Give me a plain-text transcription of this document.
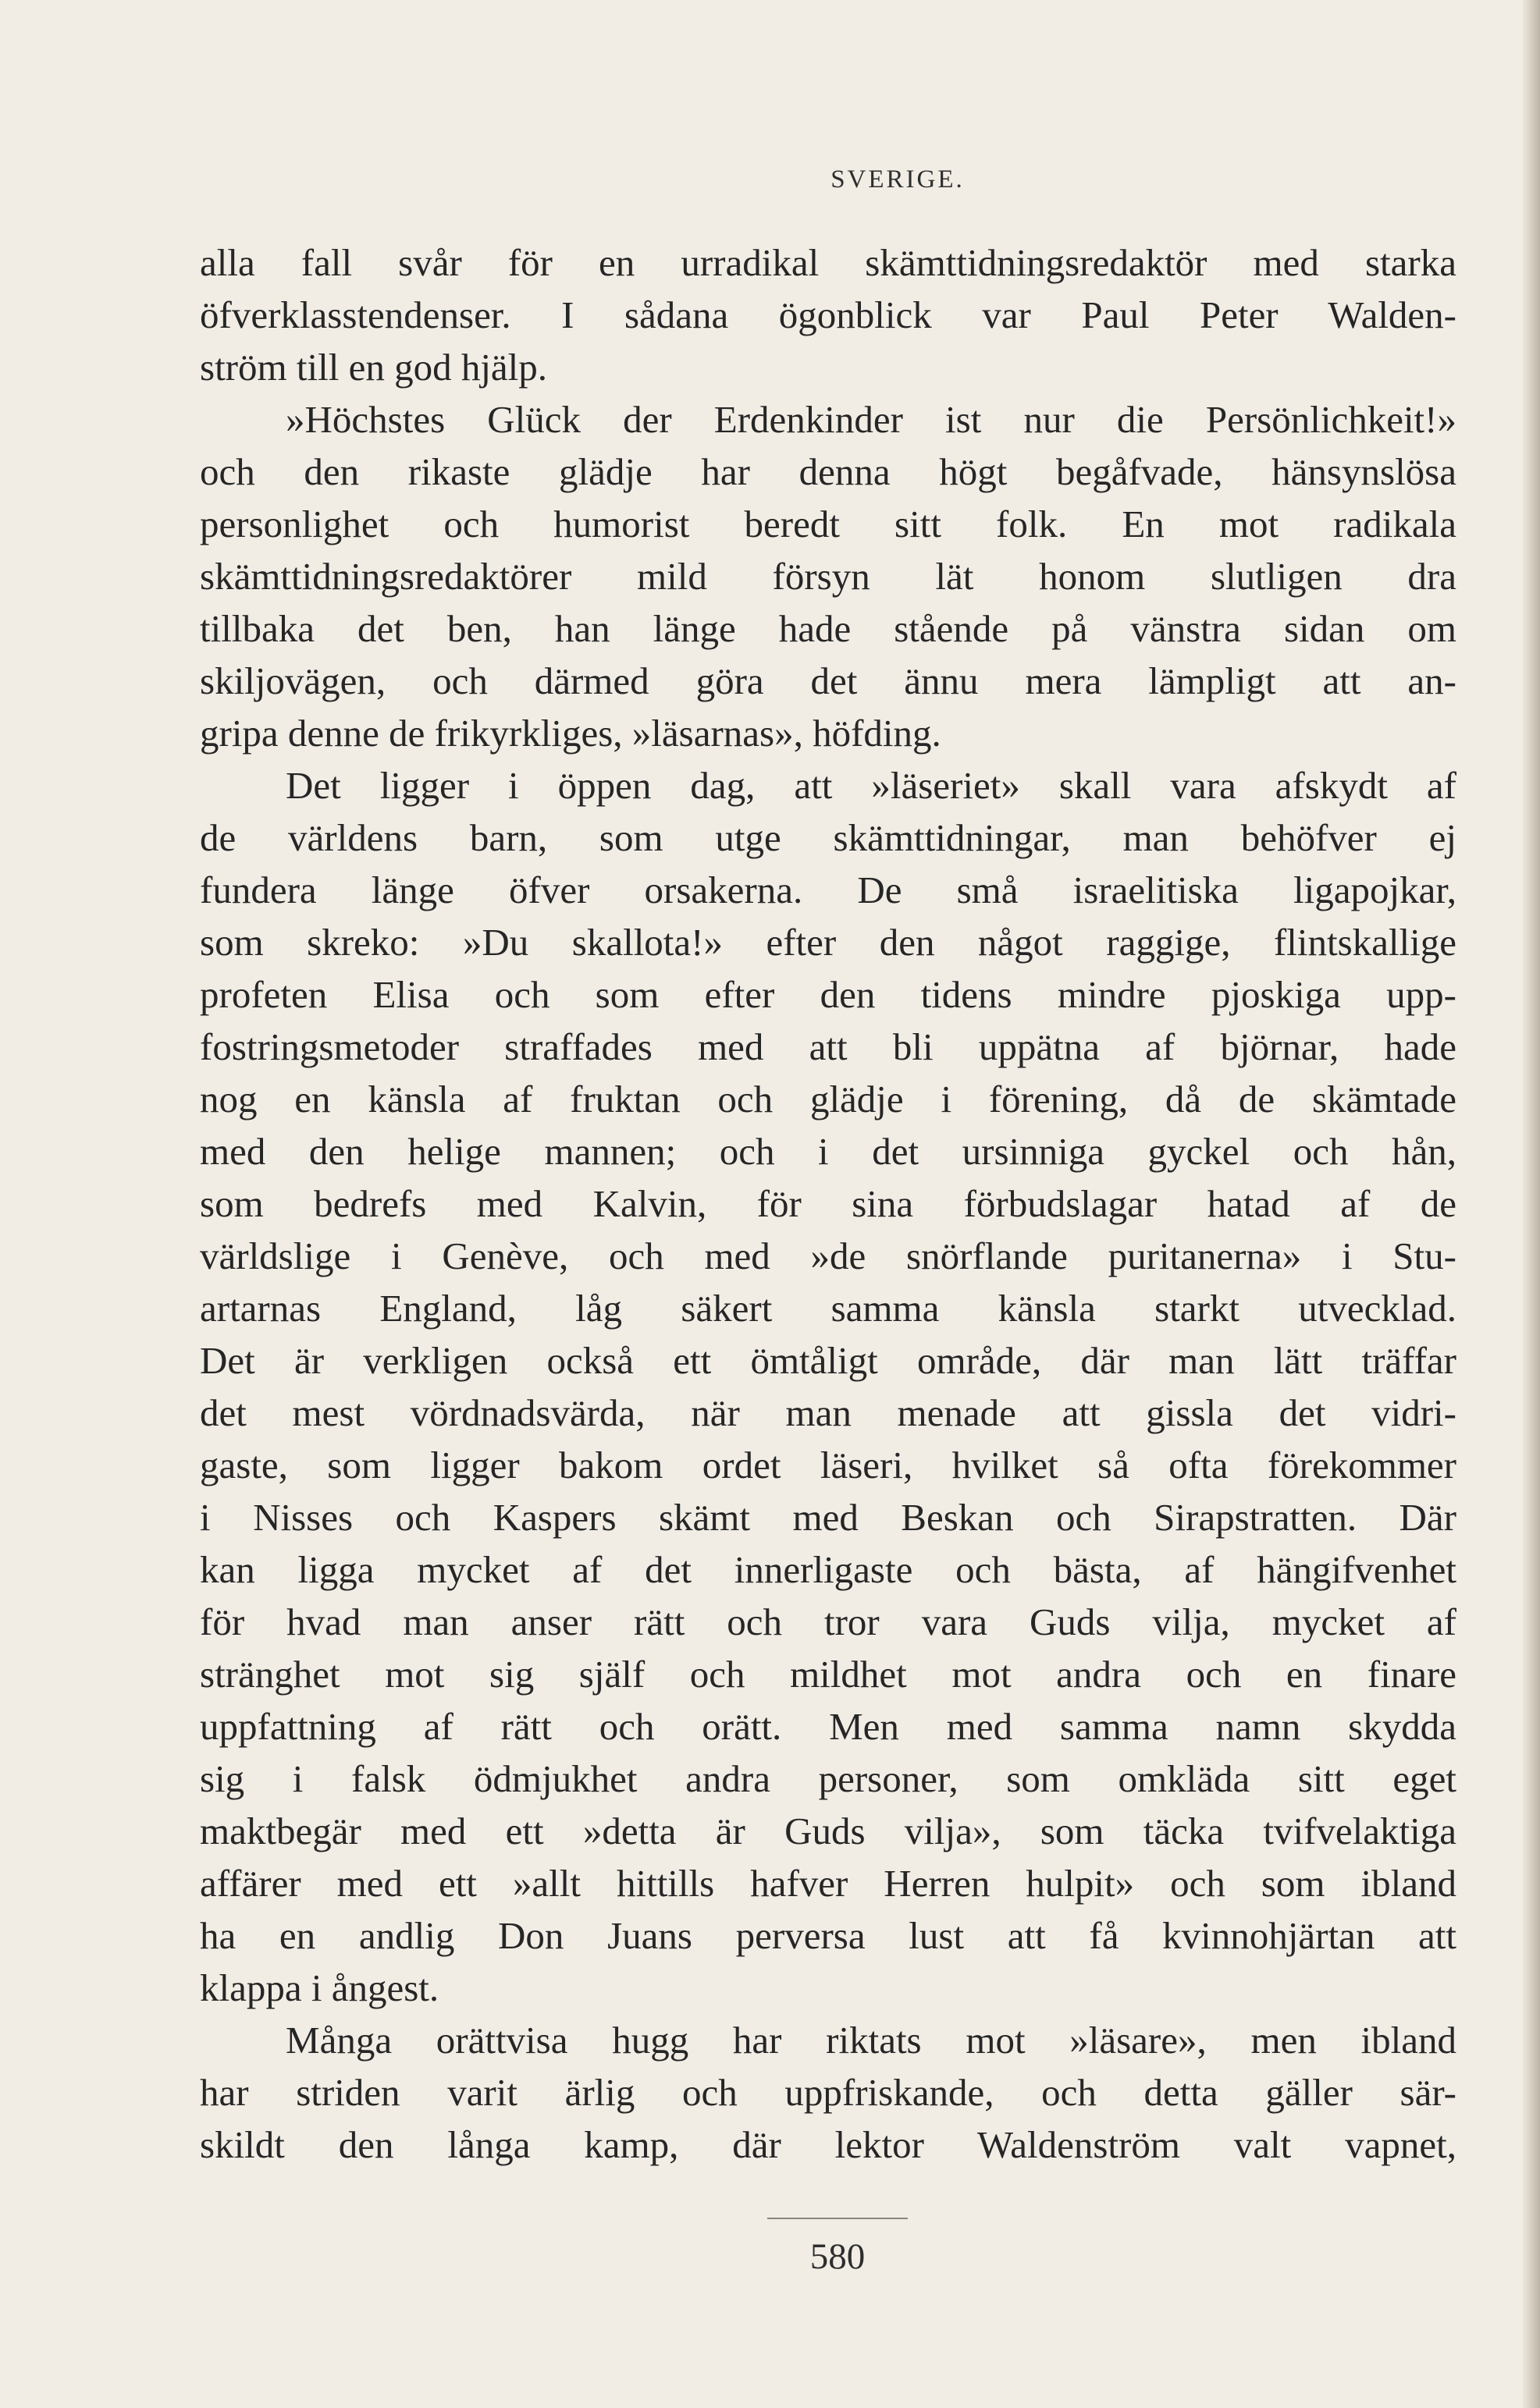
SVERIGE.
alla fall svår för en urradikal skämttidningsredaktör med starka
öfverklasstendenser. I sådana ögonblick var Paul Peter Walden-
ström till en god hjälp.
»Höchstes Glück der Erdenkinder ist nur die Persönlichkeit!»
och den rikaste glädje har denna högt begåfvade, hänsynslösa
personlighet och humorist beredt sitt folk. En mot radikala
skämttidningsredaktörer mild försyn lät honom slutligen dra
tillbaka det ben, han länge hade stående på vänstra sidan om
skiljovägen, och därmed göra det ännu mera lämpligt att an-
gripa denne de frikyrkliges, »läsarnas», höfding.
Det ligger i öppen dag, att »läseriet» skall vara afskydt af
de världens barn, som utge skämttidningar, man behöfver ej
fundera länge öfver orsakerna. De små israelitiska ligapojkar,
som skreko: »Du skallota!» efter den något raggige, flintskallige
profeten Elisa och som efter den tidens mindre pjoskiga upp-
fostringsmetoder straffades med att bli uppätna af björnar, hade
nog en känsla af fruktan och glädje i förening, då de skämtade
med den helige mannen; och i det ursinniga gyckel och hån,
som bedrefs med Kalvin, för sina förbudslagar hatad af de
världslige i Genève, och med »de snörflande puritanerna» i Stu-
artarnas England, låg säkert samma känsla starkt utvecklad.
Det är verkligen också ett ömtåligt område, där man lätt träffar
det mest vördnadsvärda, när man menade att gissla det vidri-
gaste, som ligger bakom ordet läseri, hvilket så ofta förekommer
i Nisses och Kaspers skämt med Beskan och Sirapstratten. Där
kan ligga mycket af det innerligaste och bästa, af hängifvenhet
för hvad man anser rätt och tror vara Guds vilja, mycket af
stränghet mot sig själf och mildhet mot andra och en finare
uppfattning af rätt och orätt. Men med samma namn skydda
sig i falsk ödmjukhet andra personer, som omkläda sitt eget
maktbegär med ett »detta är Guds vilja», som täcka tvifvelaktiga
affärer med ett »allt hittills hafver Herren hulpit» och som ibland
ha en andlig Don Juans perversa lust att få kvinnohjärtan att
klappa i ångest.
Många orättvisa hugg har riktats mot »läsare», men ibland
har striden varit ärlig och uppfriskande, och detta gäller sär-
skildt den långa kamp, där lektor Waldenström valt vapnet,
580
